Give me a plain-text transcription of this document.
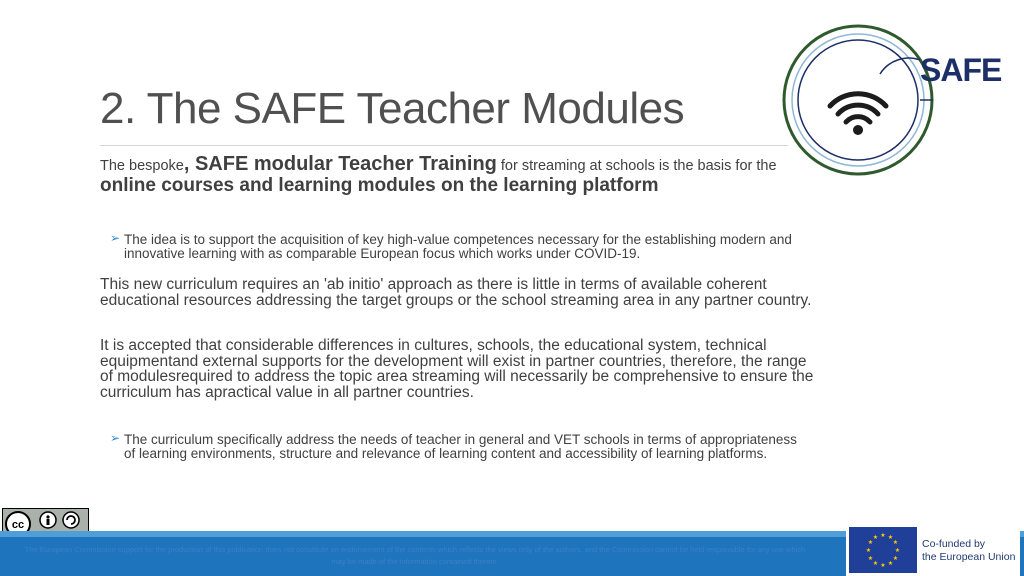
2. The SAFE Teacher Modules
SAFE
The bespoke, SAFE modular Teacher Training for streaming at schools is the basis for the online courses and learning modules on the learning platform
➢ The idea is to support the acquisition of key high-value competences necessary for the establishing modern and innovative learning with as comparable European focus which works under COVID-19.
This new curriculum requires an 'ab initio' approach as there is little in terms of available coherent educational resources addressing the target groups or the school streaming area in any partner country.
It is accepted that considerable differences in cultures, schools, the educational system, technical equipmentand external supports for the development will exist in partner countries, therefore, the range of modulesrequired to address the topic area streaming will necessarily be comprehensive to ensure the curriculum has apractical value in all partner countries.
➢ The curriculum specifically address the needs of teacher in general and VET schools in terms of appropriateness of learning environments, structure and relevance of learning content and accessibility of learning platforms.
cc
The European Commission support for the production of this publication does not constitute an endorsement of the contents which reflects the views only of the authors, and the Commission cannot be held responsible for any use which may be made of the information contained therein.
★ ★
★
★
★
★
★
★
★
★
★
★
Co-funded by
the European Union
